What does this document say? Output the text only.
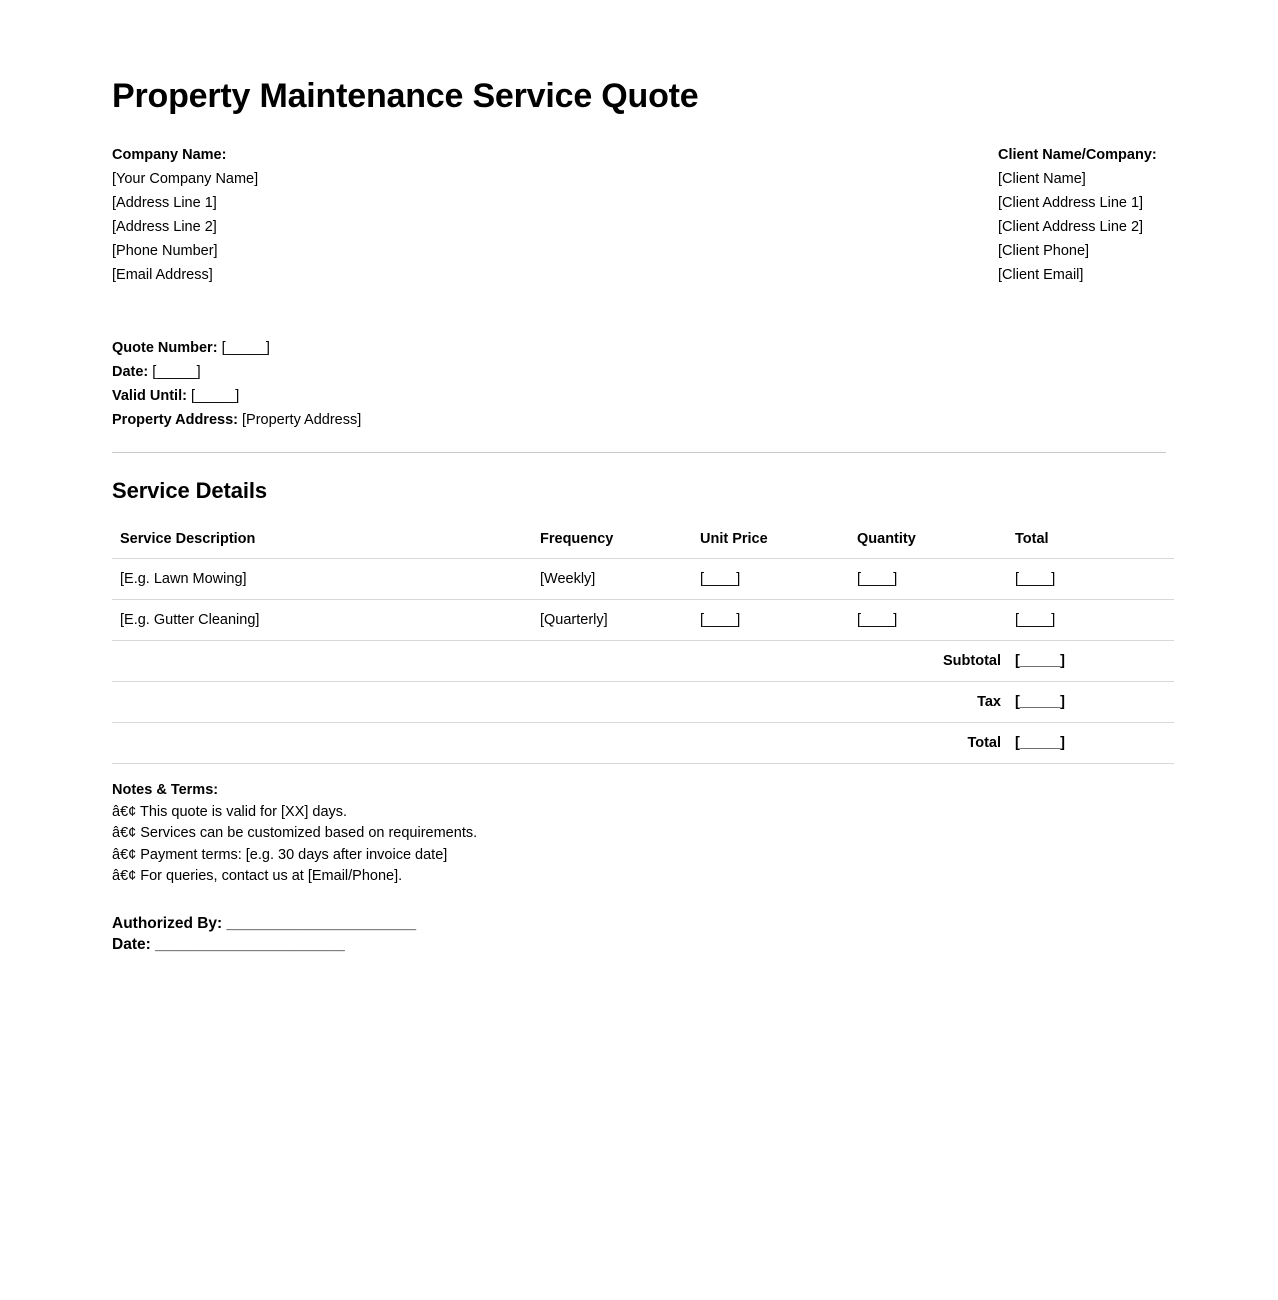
Property Maintenance Service Quote
Company Name:
[Your Company Name]
[Address Line 1]
[Address Line 2]
[Phone Number]
[Email Address]
Client Name/Company:
[Client Name]
[Client Address Line 1]
[Client Address Line 2]
[Client Phone]
[Client Email]
Quote Number: [_____]
Date: [_____]
Valid Until: [_____]
Property Address: [Property Address]
Service Details
Service Description	Frequency	Unit Price	Quantity	Total
[E.g. Lawn Mowing]	[Weekly]	[____]	[____]	[____]
[E.g. Gutter Cleaning]	[Quarterly]	[____]	[____]	[____]
			Subtotal	[_____]
			Tax	[_____]
			Total	[_____]
Notes & Terms:
â€¢ This quote is valid for [XX] days.
â€¢ Services can be customized based on requirements.
â€¢ Payment terms: [e.g. 30 days after invoice date]
â€¢ For queries, contact us at [Email/Phone].
Authorized By: ______________________
Date: ______________________
